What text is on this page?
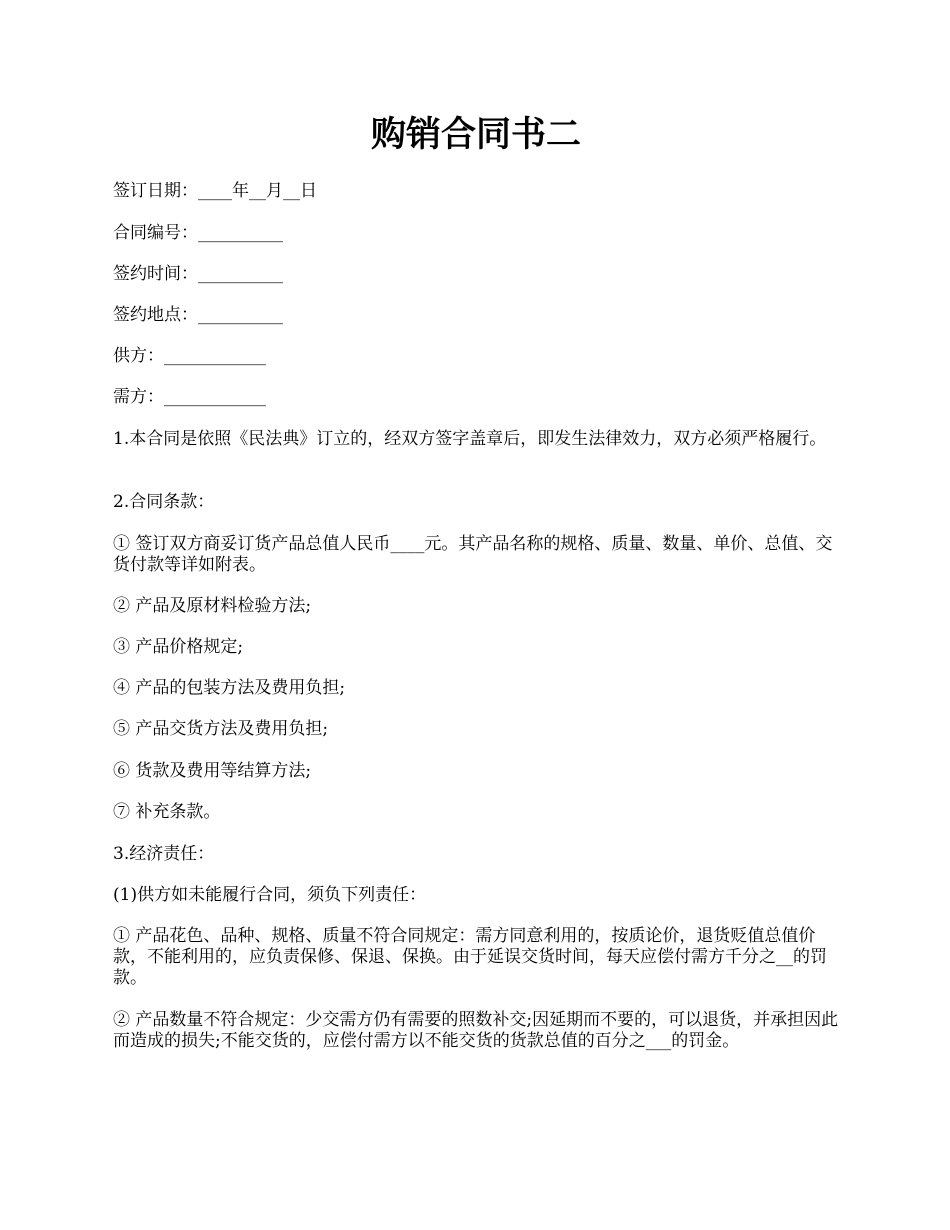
购销合同书二

签订日期：____年__月__日

合同编号：__________

签约时间：__________

签约地点：__________

供方：____________

需方：____________

1.本合同是依照《民法典》订立的，经双方签字盖章后，即发生法律效力，双方必须严格履行。

2.合同条款：

① 签订双方商妥订货产品总值人民币____元。其产品名称的规格、质量、数量、单价、总值、交货付款等详如附表。

② 产品及原材料检验方法;

③ 产品价格规定;

④ 产品的包装方法及费用负担;

⑤ 产品交货方法及费用负担;

⑥ 货款及费用等结算方法;

⑦ 补充条款。

3.经济责任：

(1)供方如未能履行合同，须负下列责任：

① 产品花色、品种、规格、质量不符合同规定：需方同意利用的，按质论价，退货贬值总值价款，不能利用的，应负责保修、保退、保换。由于延误交货时间，每天应偿付需方千分之__的罚款。

② 产品数量不符合规定：少交需方仍有需要的照数补交;因延期而不要的，可以退货，并承担因此而造成的损失;不能交货的，应偿付需方以不能交货的货款总值的百分之___的罚金。
